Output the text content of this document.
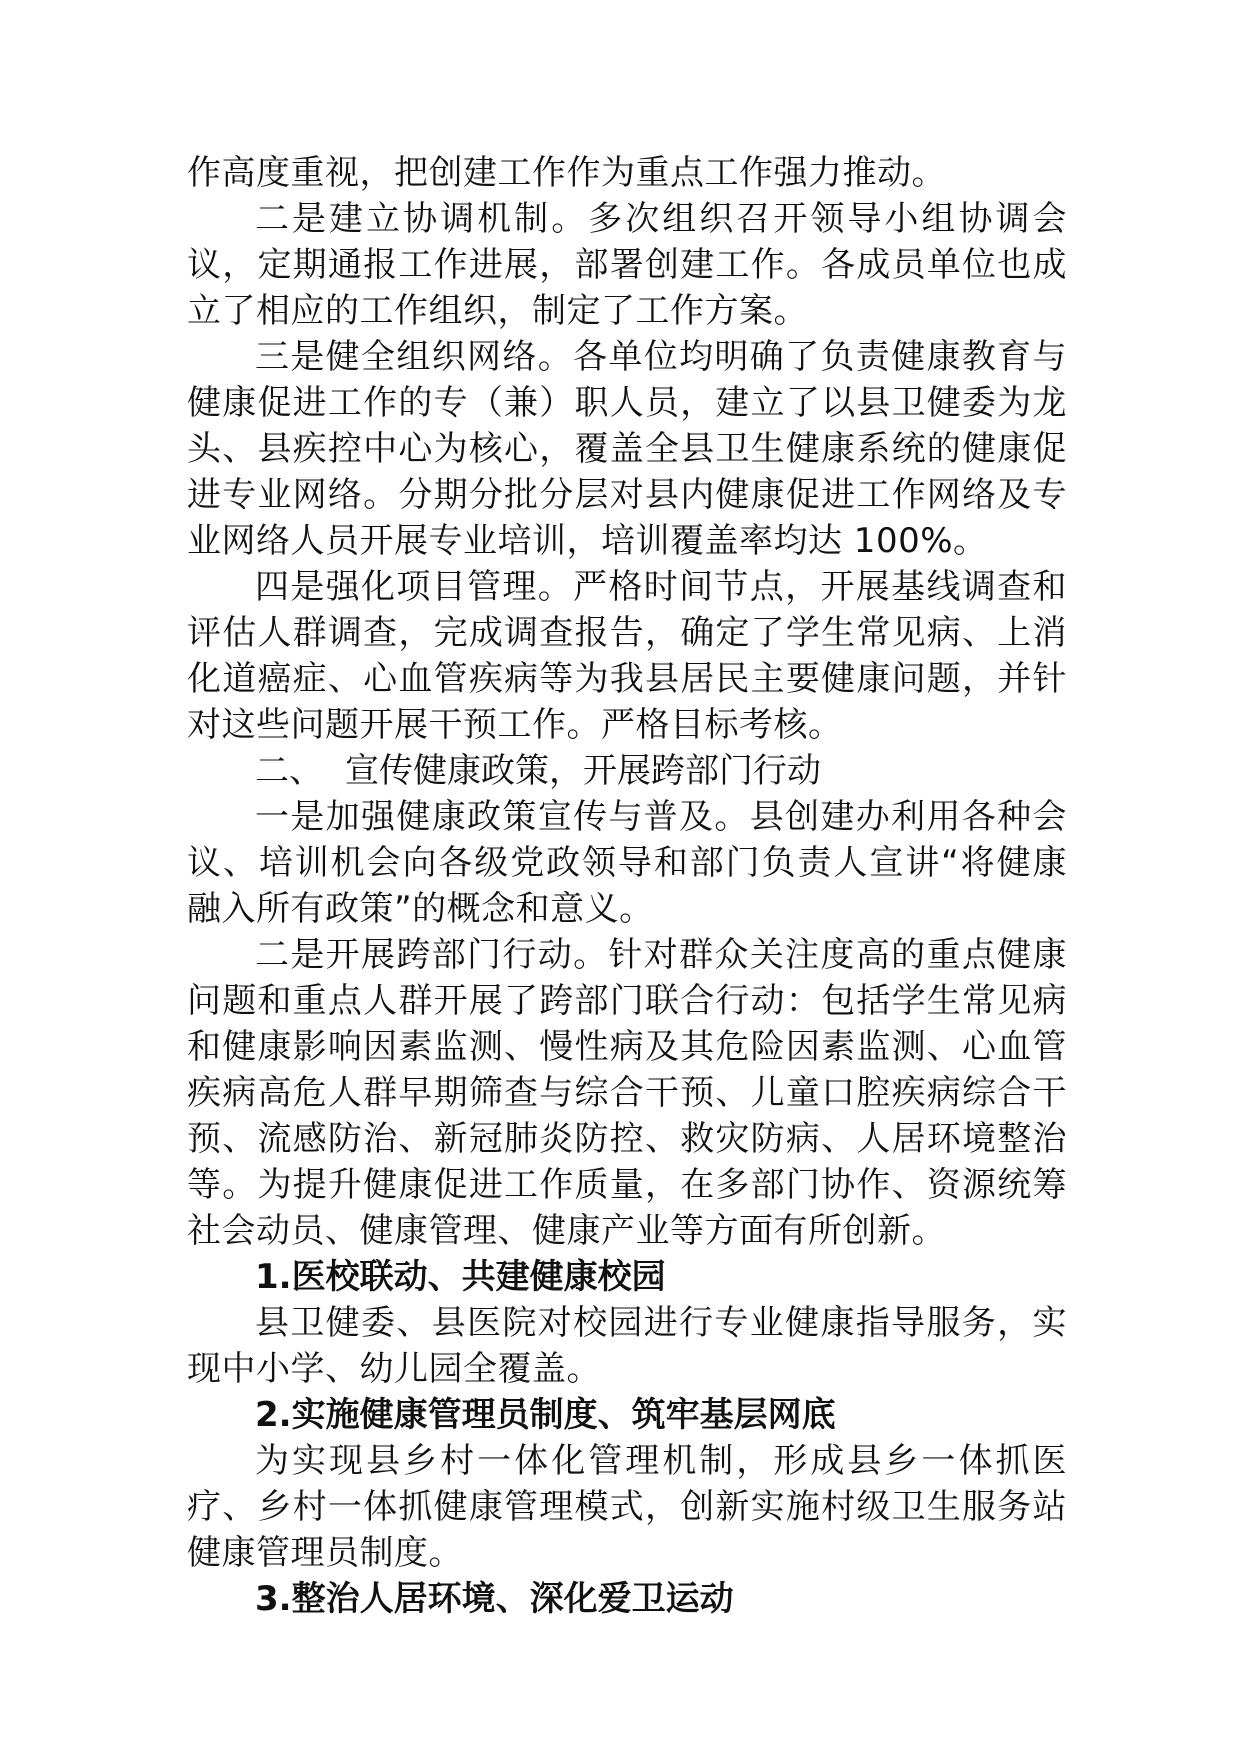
作高度重视，把创建工作作为重点工作强力推动。

二是建立协调机制。多次组织召开领导小组协调会议，定期通报工作进展，部署创建工作。各成员单位也成立了相应的工作组织，制定了工作方案。

三是健全组织网络。各单位均明确了负责健康教育与健康促进工作的专（兼）职人员，建立了以县卫健委为龙头、县疾控中心为核心，覆盖全县卫生健康系统的健康促进专业网络。分期分批分层对县内健康促进工作网络及专业网络人员开展专业培训，培训覆盖率均达 100%。

四是强化项目管理。严格时间节点，开展基线调查和评估人群调查，完成调查报告，确定了学生常见病、上消化道癌症、心血管疾病等为我县居民主要健康问题，并针对这些问题开展干预工作。严格目标考核。

二、 宣传健康政策，开展跨部门行动

一是加强健康政策宣传与普及。县创建办利用各种会议、培训机会向各级党政领导和部门负责人宣讲“将健康融入所有政策”的概念和意义。

二是开展跨部门行动。针对群众关注度高的重点健康问题和重点人群开展了跨部门联合行动：包括学生常见病和健康影响因素监测、慢性病及其危险因素监测、心血管疾病高危人群早期筛查与综合干预、儿童口腔疾病综合干预、流感防治、新冠肺炎防控、救灾防病、人居环境整治等。为提升健康促进工作质量，在多部门协作、资源统筹社会动员、健康管理、健康产业等方面有所创新。

1.医校联动、共建健康校园

县卫健委、县医院对校园进行专业健康指导服务，实现中小学、幼儿园全覆盖。

2.实施健康管理员制度、筑牢基层网底

为实现县乡村一体化管理机制，形成县乡一体抓医疗、乡村一体抓健康管理模式，创新实施村级卫生服务站健康管理员制度。

3.整治人居环境、深化爱卫运动
